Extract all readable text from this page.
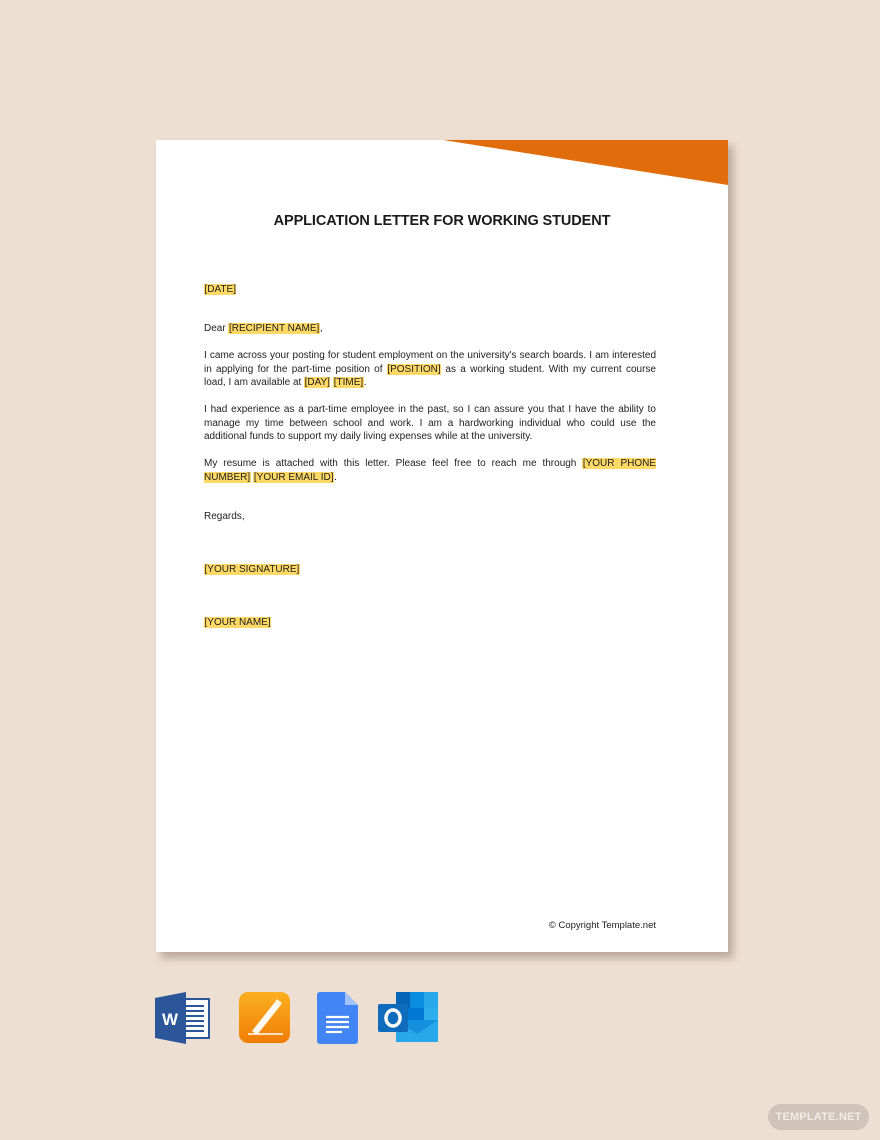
APPLICATION LETTER FOR WORKING STUDENT
[DATE]
Dear [RECIPIENT NAME],
I came across your posting for student employment on the university's search boards. I am interested in applying for the part-time position of [POSITION] as a working student. With my current course load, I am available at [DAY] [TIME].
I had experience as a part-time employee in the past, so I can assure you that I have the ability to manage my time between school and work. I am a hardworking individual who could use the additional funds to support my daily living expenses while at the university.
My resume is attached with this letter. Please feel free to reach me through [YOUR PHONE NUMBER] [YOUR EMAIL ID].
Regards,
[YOUR SIGNATURE]
[YOUR NAME]
© Copyright Template.net
W
TEMPLATE.NET
